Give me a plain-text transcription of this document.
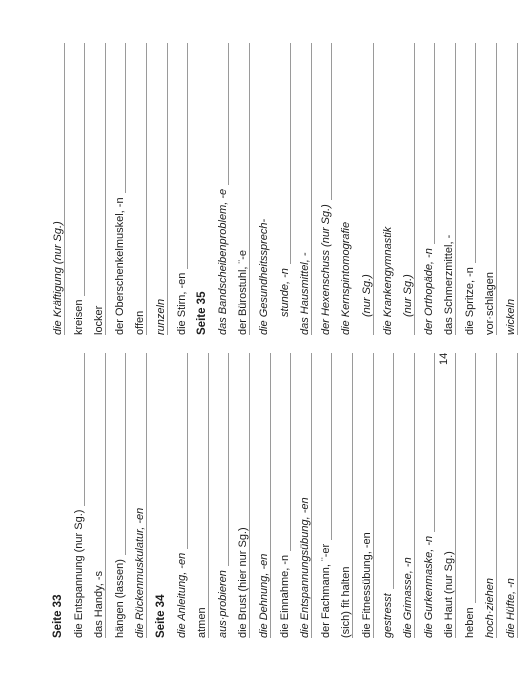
Seite 33 die Entspannung (nur Sg.) das Handy, -s hängen (lassen) die Rückenmuskulatur, -en Seite 34 die Anleitung, -en atmen aus·probieren die Brust (hier nur Sg.) die Dehnung, -en die Einnahme, -n die Entspannungsübung, -en der Fachmann, ¨-er (sich) fit halten die Fitnessübung, -en gestresst die Grimasse, -n die Gurkenmaske, -n die Haut (nur Sg.) heben hoch·ziehen die Hüfte, -n
die Kräftigung (nur Sg.) kreisen locker der Oberschenkelmuskel, -n offen runzeln die Stirn, -en Seite 35 das Bandscheibenproblem, -e der Bürostuhl, ¨-e die Gesundheitssprech- stunde, -n das Hausmittel, - der Hexenschuss (nur Sg.) die Kernspintomografie (nur Sg.) die Krankengymnastik (nur Sg.) der Orthopäde, -n das Schmerzmittel, - die Spritze, -n vor·schlagen wickeln
14
